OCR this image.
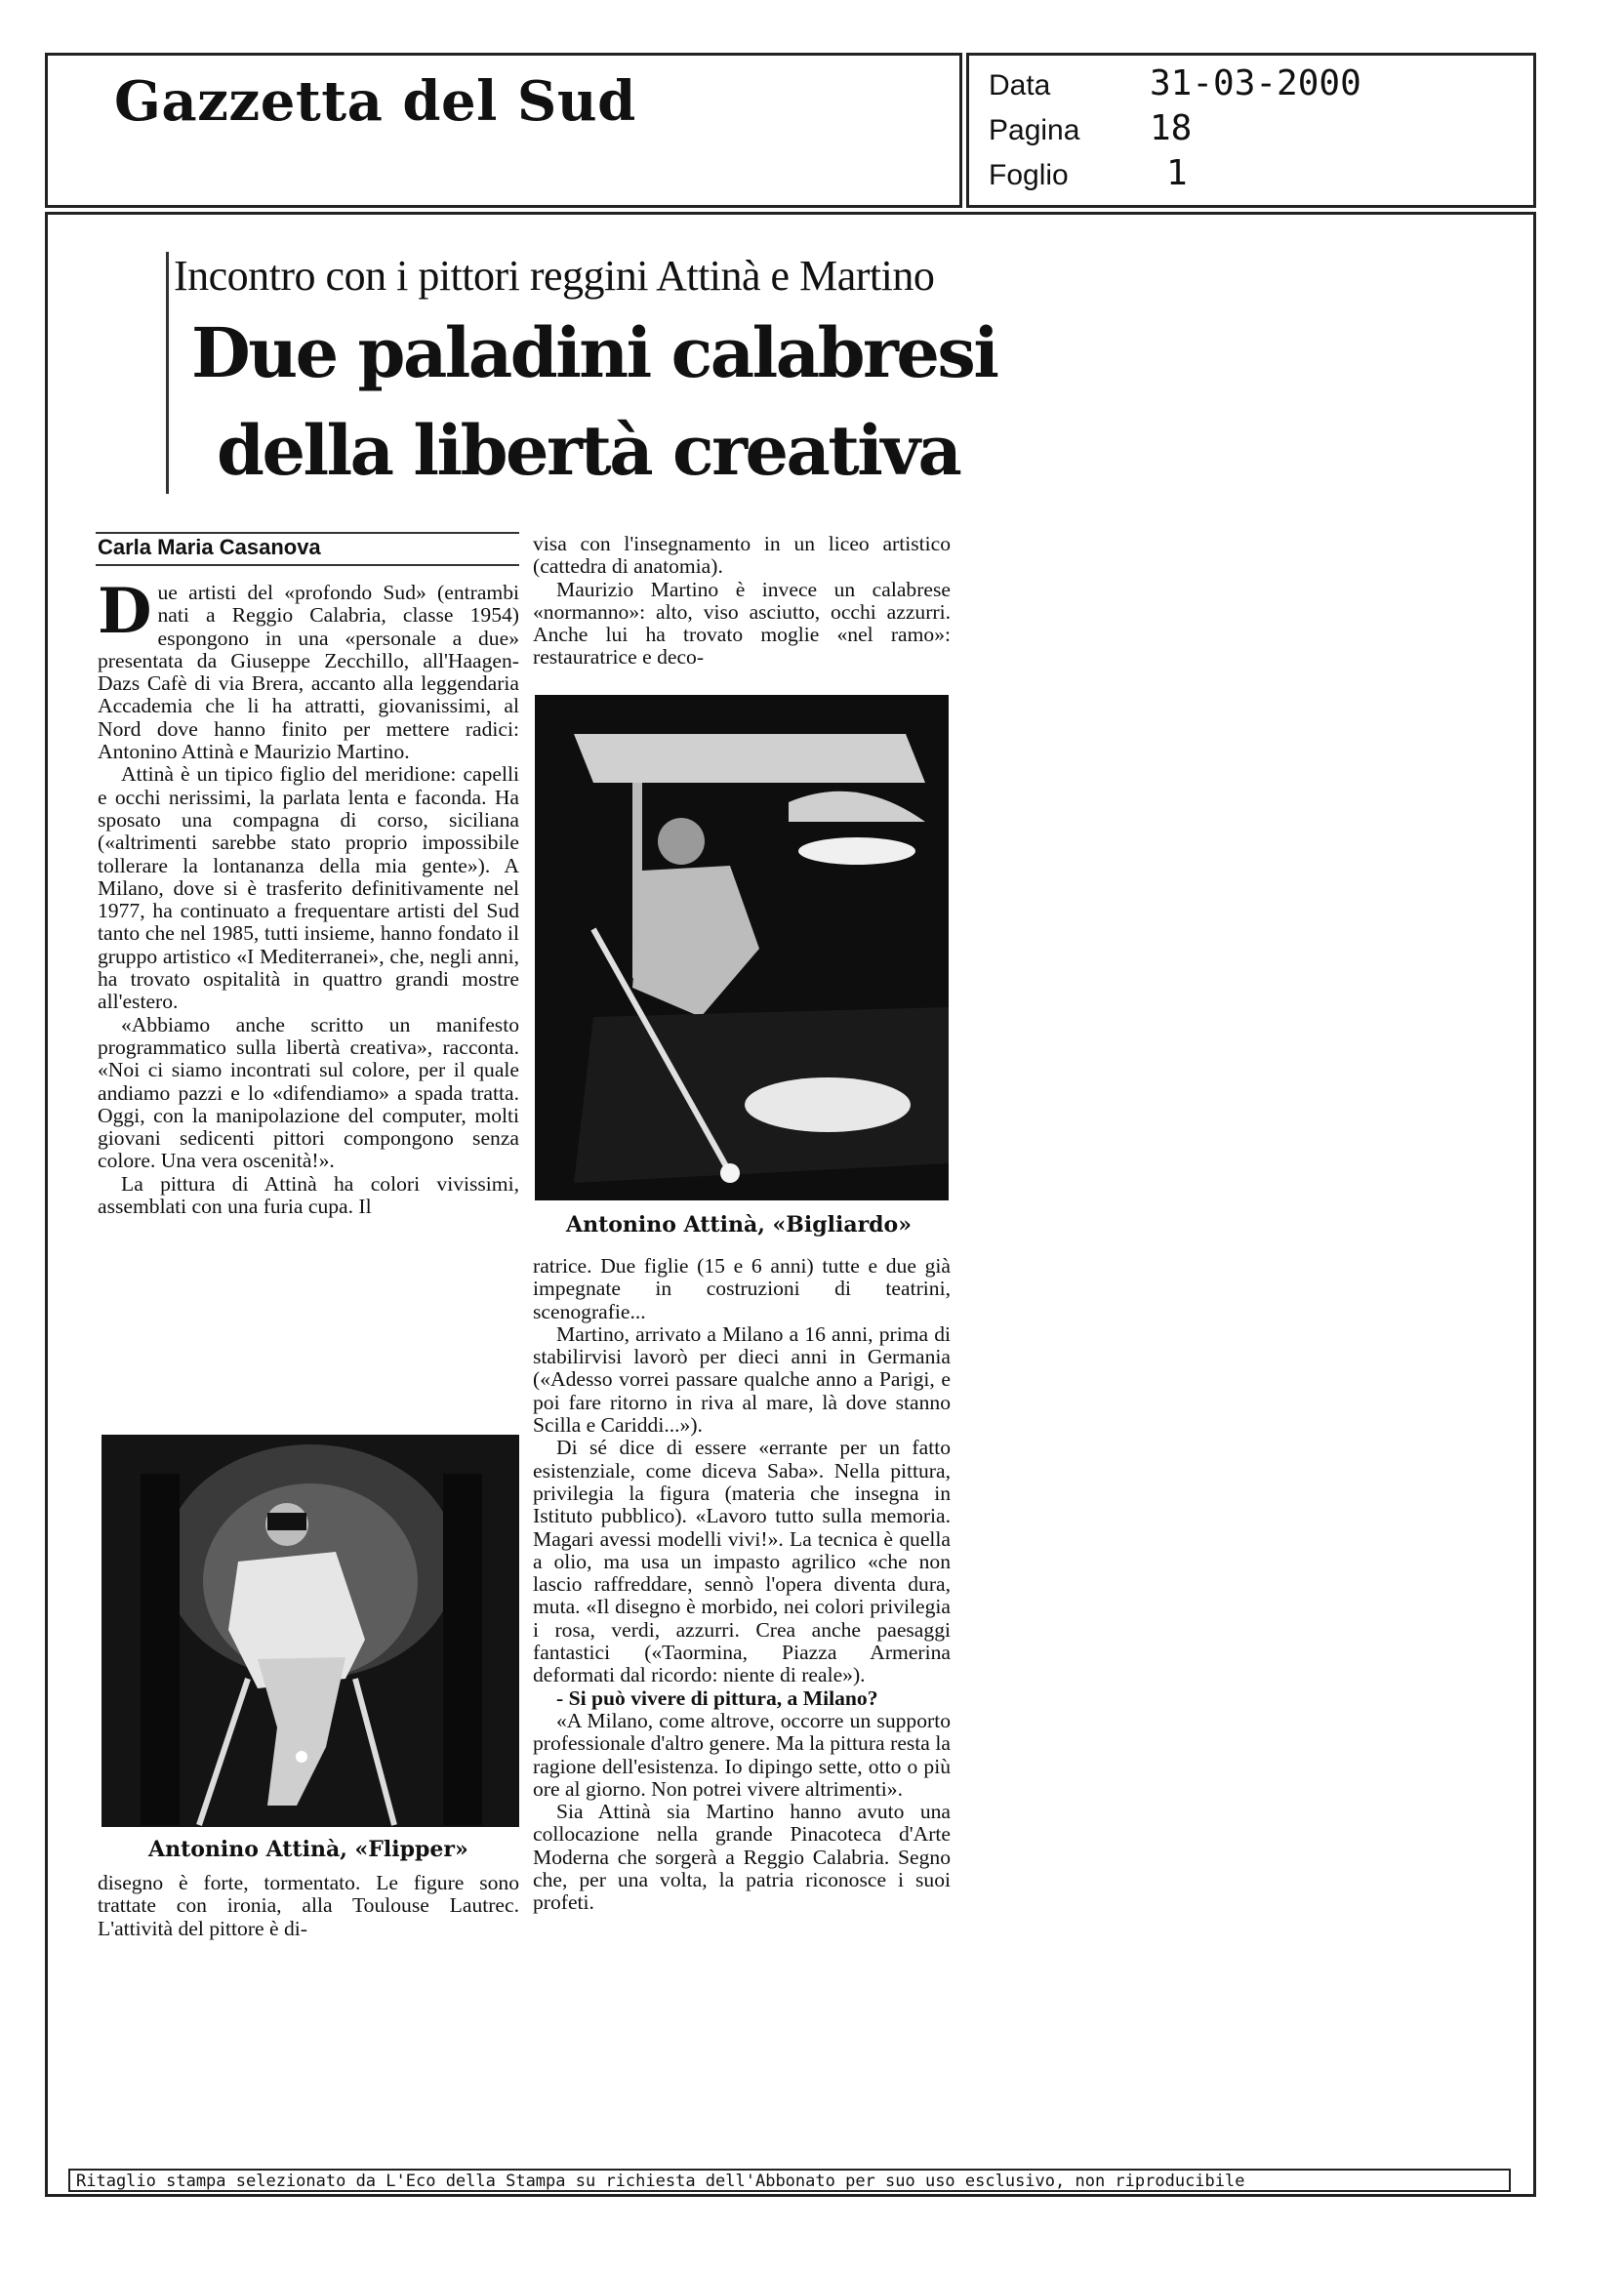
Gazzetta del Sud	Data	31-03-2000
Pagina 18
Foglio	1
Incontro con i pittori reggini Attinà e Martino
Due paladini calabresi
della libertà creativa
Carla Maria Casanova

Due artisti del «profondo Sud» (entrambi nati a Reggio Calabria, classe 1954) espongono in una «personale a due» presentata da Giuseppe Zecchillo, all'Haagen-Dazs Cafè di via Brera, accanto alla leggendaria Accademia che li ha attratti, giovanissimi, al Nord dove hanno finito per mettere radici: Antonino Attinà e Maurizio Martino.

Attinà è un tipico figlio del meridione: capelli e occhi nerissimi, la parlata lenta e faconda. Ha sposato una compagna di corso, siciliana («altrimenti sarebbe stato proprio impossibile tollerare la lontananza della mia gente»). A Milano, dove si è trasferito definitivamente nel 1977, ha continuato a frequentare artisti del Sud tanto che nel 1985, tutti insieme, hanno fondato il gruppo artistico «I Mediterranei», che, negli anni, ha trovato ospitalità in quattro grandi mostre all'estero.

«Abbiamo anche scritto un manifesto programmatico sulla libertà creativa», racconta. «Noi ci siamo incontrati sul colore, per il quale andiamo pazzi e lo «difendiamo» a spada tratta. Oggi, con la manipolazione del computer, molti giovani sedicenti pittori compongono senza colore. Una vera oscenità!».

La pittura di Attinà ha colori vivissimi, assemblati con una furia cupa. Il

Antonino Attinà, «Flipper»

disegno è forte, tormentato. Le figure sono trattate con ironia, alla Toulouse Lautrec. L'attività del pittore è di-

visa con l'insegnamento in un liceo artistico (cattedra di anatomia).

Maurizio Martino è invece un calabrese «normanno»: alto, viso asciutto, occhi azzurri. Anche lui ha trovato moglie «nel ramo»: restauratrice e deco-

Antonino Attinà, «Bigliardo»

ratrice. Due figlie (15 e 6 anni) tutte e due già impegnate in costruzioni di teatrini, scenografie...

Martino, arrivato a Milano a 16 anni, prima di stabilirvisi lavorò per dieci anni in Germania («Adesso vorrei passare qualche anno a Parigi, e poi fare ritorno in riva al mare, là dove stanno Scilla e Cariddi...»).

Di sé dice di essere «errante per un fatto esistenziale, come diceva Saba». Nella pittura, privilegia la figura (materia che insegna in Istituto pubblico). «Lavoro tutto sulla memoria. Magari avessi modelli vivi!». La tecnica è quella a olio, ma usa un impasto agrilico «che non lascio raffreddare, sennò l'opera diventa dura, muta. «Il disegno è morbido, nei colori privilegia i rosa, verdi, azzurri. Crea anche paesaggi fantastici («Taormina, Piazza Armerina deformati dal ricordo: niente di reale»).

- Si può vivere di pittura, a Milano?

«A Milano, come altrove, occorre un supporto professionale d'altro genere. Ma la pittura resta la ragione dell'esistenza. Io dipingo sette, otto o più ore al giorno. Non potrei vivere altrimenti».

Sia Attinà sia Martino hanno avuto una collocazione nella grande Pinacoteca d'Arte Moderna che sorgerà a Reggio Calabria. Segno che, per una volta, la patria riconosce i suoi profeti.

Ritaglio stampa selezionato da L'Eco della Stampa su richiesta dell'Abbonato per suo uso esclusivo, non riproducibile
